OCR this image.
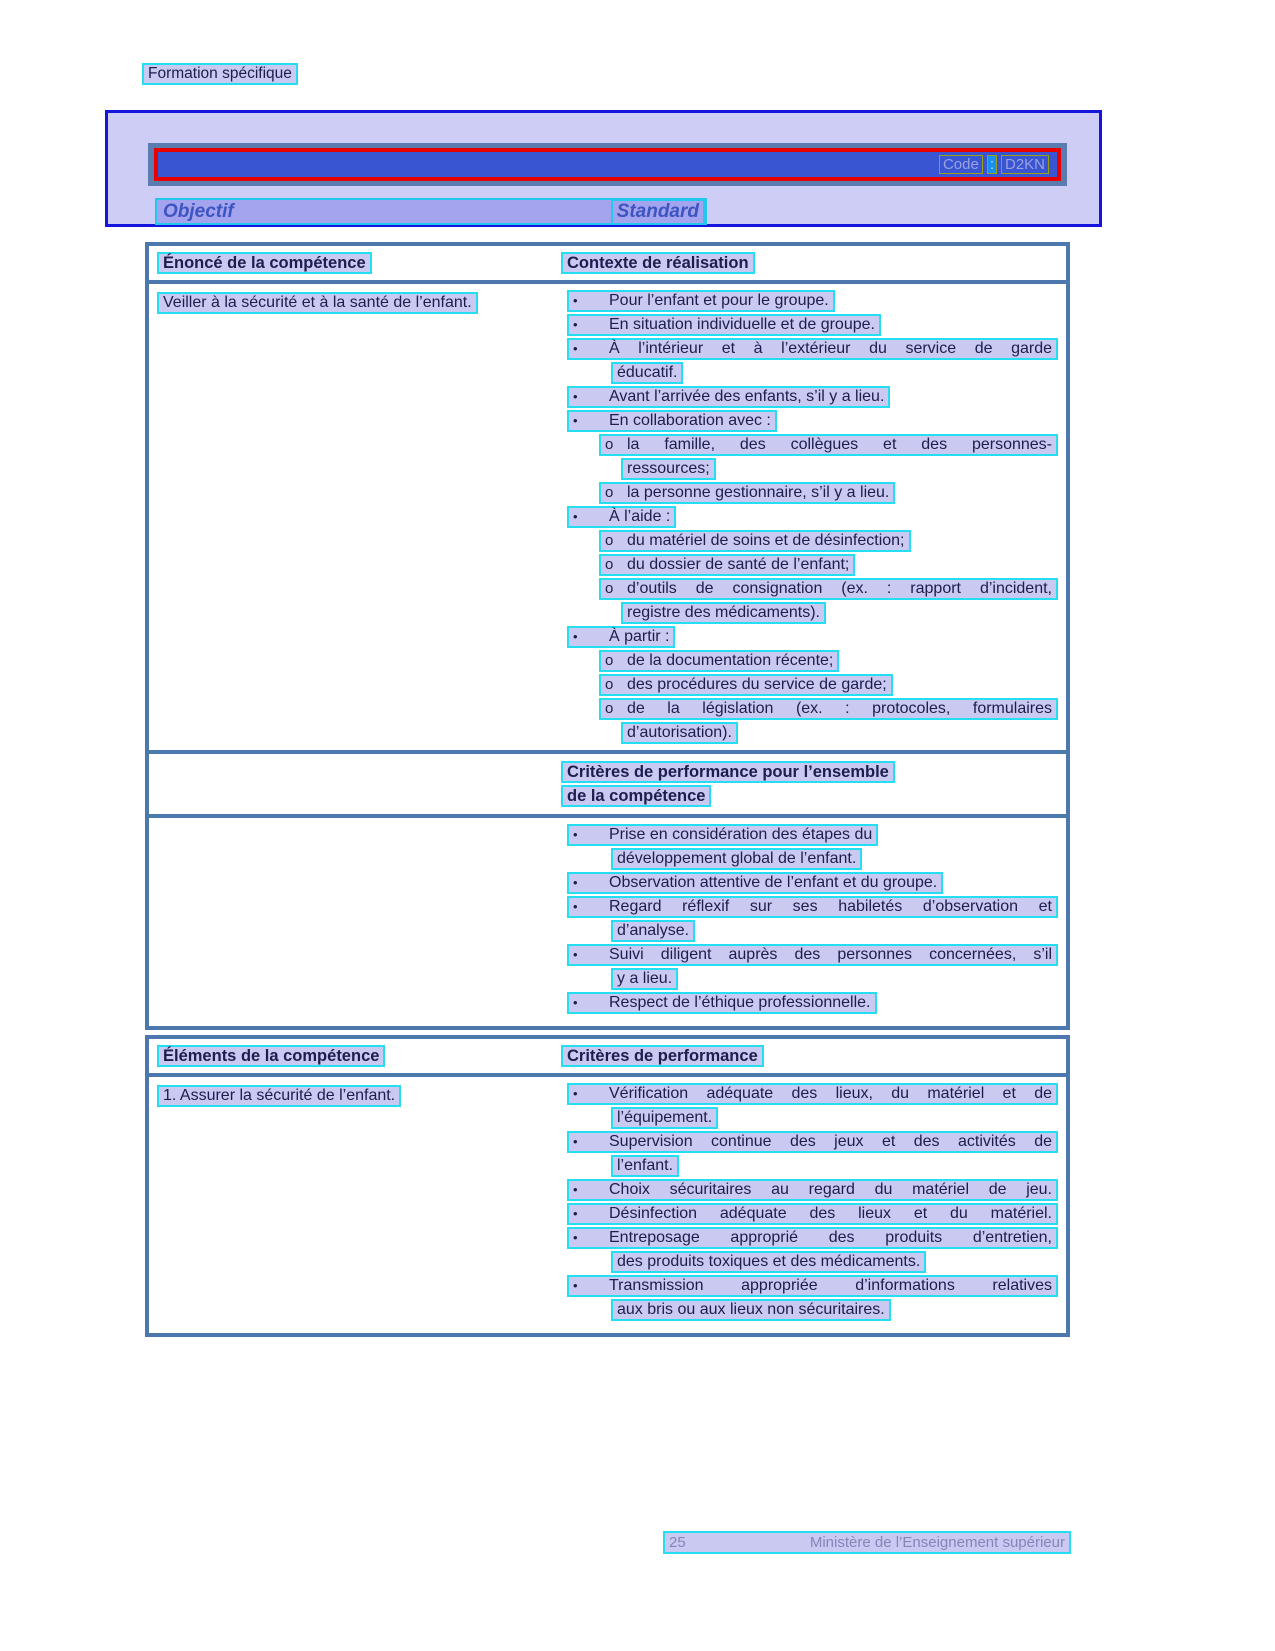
Formation spécifique
Code : D2KN
Objectif	Standard
Énoncé de la compétence	Contexte de réalisation
Veiller à la sécurité et à la santé de l’enfant.	•	Pour l’enfant et pour le groupe.
•	En situation individuelle et de groupe.
•	À l’intérieur et à l’extérieur du service de garde
éducatif.
•	Avant l’arrivée des enfants, s’il y a lieu.
•	En collaboration avec :
o la famille, des collègues et des personnes-
ressources;
o la personne gestionnaire, s’il y a lieu.
•	À l’aide :
o du matériel de soins et de désinfection;
o du dossier de santé de l’enfant;
o d’outils de consignation (ex. : rapport d’incident,
registre des médicaments).
•	À partir :
o de la documentation récente;
o des procédures du service de garde;
o de la législation (ex. : protocoles, formulaires
d’autorisation).
Critères de performance pour l’ensemble
de la compétence
•	Prise en considération des étapes du
développement global de l’enfant.
•	Observation attentive de l’enfant et du groupe.
•	Regard réflexif sur ses habiletés d’observation et
d’analyse.
•	Suivi diligent auprès des personnes concernées, s’il
y a lieu.
•	Respect de l’éthique professionnelle.
Éléments de la compétence	Critères de performance
1. Assurer la sécurité de l’enfant.	•	Vérification adéquate des lieux, du matériel et de
l’équipement.
•	Supervision continue des jeux et des activités de
l’enfant.
•	Choix sécuritaires au regard du matériel de jeu.
•	Désinfection adéquate des lieux et du matériel.
•	Entreposage approprié des produits d’entretien,
des produits toxiques et des médicaments.
•	Transmission appropriée d’informations relatives
aux bris ou aux lieux non sécuritaires.
25	Ministère de l’Enseignement supérieur
